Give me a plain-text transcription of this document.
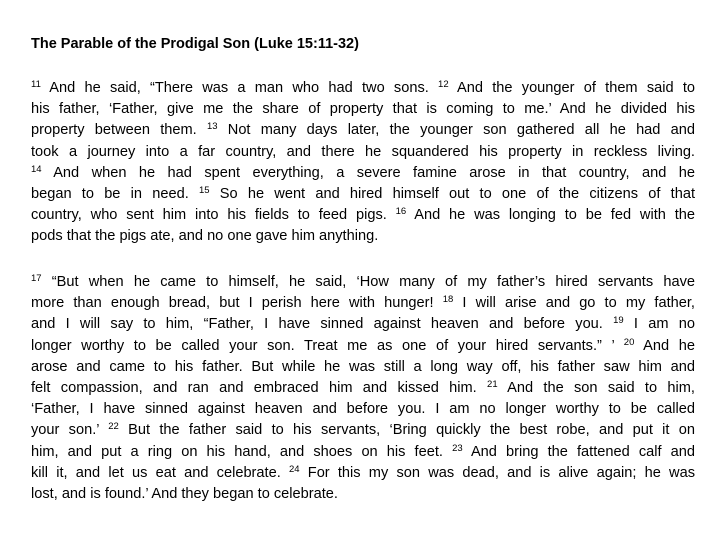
The Parable of the Prodigal Son (Luke 15:11-32)
$^{11}$ And he said, “There was a man who had two sons. $^{12}$ And the younger of them said to
his father, ‘Father, give me the share of property that is coming to me.’ And he divided his
property between them. $^{13}$ Not many days later, the younger son gathered all he had and
took a journey into a far country, and there he squandered his property in reckless living.
$^{14}$ And when he had spent everything, a severe famine arose in that country, and he
began to be in need. $^{15}$ So he went and hired himself out to one of the citizens of that
country, who sent him into his fields to feed pigs. $^{16}$ And he was longing to be fed with the
pods that the pigs ate, and no one gave him anything.
$^{17}$ “But when he came to himself, he said, ‘How many of my father’s hired servants have
more than enough bread, but I perish here with hunger! $^{18}$ I will arise and go to my father,
and I will say to him, “Father, I have sinned against heaven and before you. $^{19}$ I am no
longer worthy to be called your son. Treat me as one of your hired servants.” ’ $^{20}$ And he
arose and came to his father. But while he was still a long way off, his father saw him and
felt compassion, and ran and embraced him and kissed him. $^{21}$ And the son said to him,
‘Father, I have sinned against heaven and before you. I am no longer worthy to be called
your son.’ $^{22}$ But the father said to his servants, ‘Bring quickly the best robe, and put it on
him, and put a ring on his hand, and shoes on his feet. $^{23}$ And bring the fattened calf and
kill it, and let us eat and celebrate. $^{24}$ For this my son was dead, and is alive again; he was
lost, and is found.’ And they began to celebrate.
